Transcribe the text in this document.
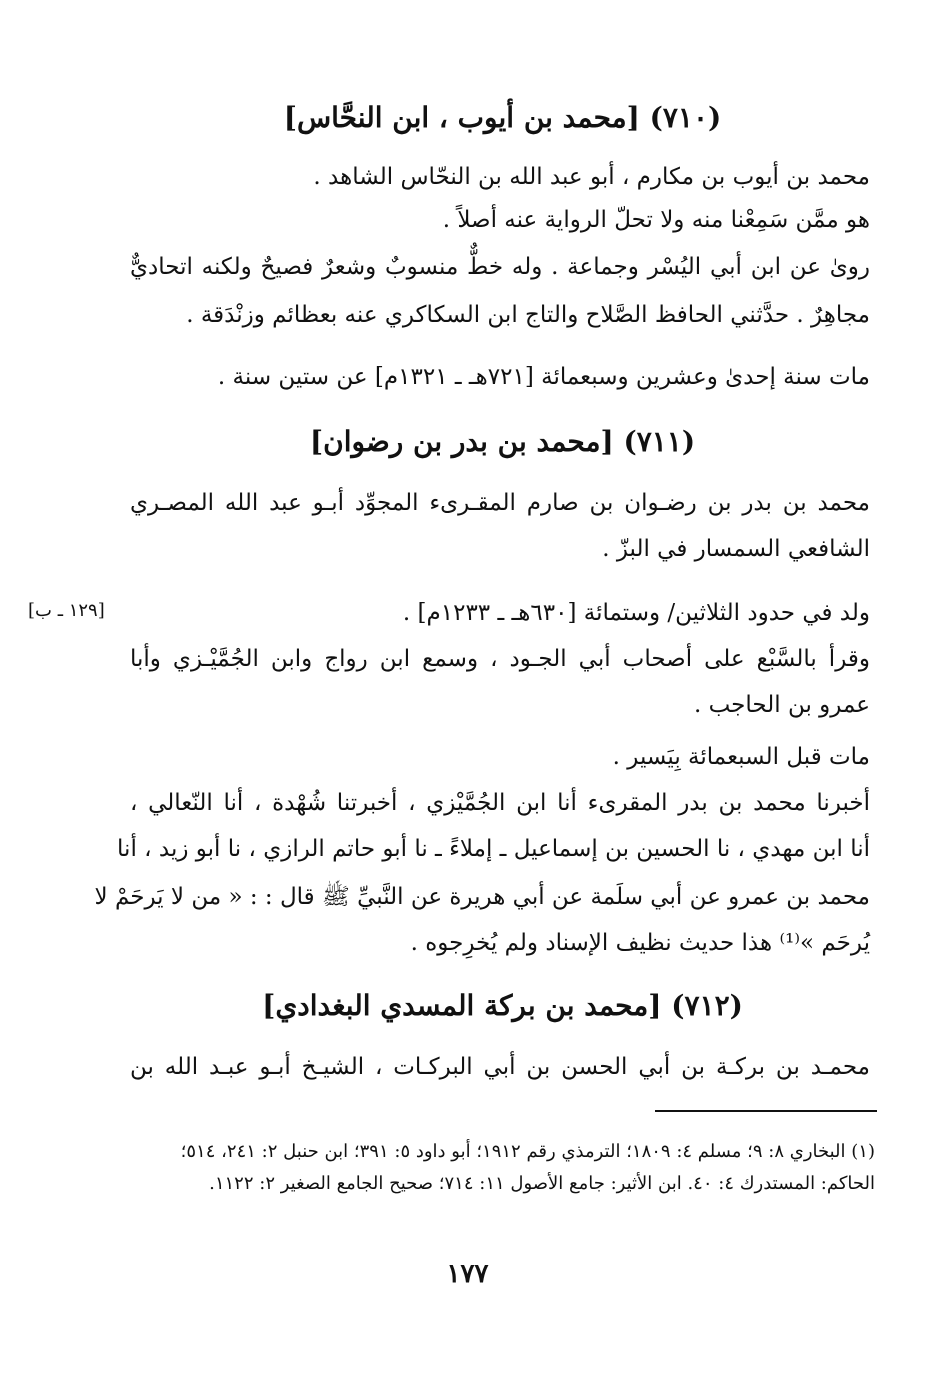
(٧١٠) [محمد بن أيوب ، ابن النحَّاس]
محمد بن أيوب بن مكارم ، أبو عبد الله بن النحّاس الشاهد .
هو ممَّن سَمِعْنا منه ولا تحلّ الرواية عنه أصلاً .
روىٰ عن ابن أبي اليُسْر وجماعة . وله خطٌّ منسوبٌ وشعرٌ فصيحٌ ولكنه اتحاديٌّ
مجاهِرٌ . حدَّثني الحافظ الصَّلاح والتاج ابن السكاكري عنه بعظائم وزنْدَقة .
مات سنة إحدىٰ وعشرين وسبعمائة [٧٢١هـ ـ ١٣٢١م] عن ستين سنة .
(٧١١) [محمد بن بدر بن رضوان]
محمد بن بدر بن رضـوان بن صارم المقـرىء المجوِّد أبـو عبد الله المصـري
الشافعي السمسار في البزّ .
[١٢٩ ـ ب]	ولد في حدود الثلاثين/ وستمائة [٦٣٠هـ ـ ١٢٣٣م] .
وقرأ بالسَّبْع على أصحاب أبي الجـود ، وسمع ابن رواج وابن الجُمَّيْـزي وأبا
عمرو بن الحاجب .
مات قبل السبعمائة بِيَسير .
أخبرنا محمد بن بدر المقرىء أنا ابن الجُمَّيْزي ، أخبرتنا شُهْدة ، أنا النّعالي ،
أنا ابن مهدي ، نا الحسين بن إسماعيل ـ إملاءً ـ نا أبو حاتم الرازي ، نا أبو زيد ، أنا
محمد بن عمرو عن أبي سلَمة عن أبي هريرة عن النَّبيِّ ﷺ قال : : « من لا يَرحَمْ لا
يُرحَم »⁽¹⁾ هذا حديث نظيف الإسناد ولم يُخرِجوه .
(٧١٢) [محمد بن بركة المسدي البغدادي]
محمـد بن بركـة بن أبي الحسن بن أبي البركـات ، الشيـخ أبـو عبـد الله بن
(١) البخاري ٨: ٩؛ مسلم ٤: ١٨٠٩؛ الترمذي رقم ١٩١٢؛ أبو داود ٥: ٣٩١؛ ابن حنبل ٢: ٢٤١، ٥١٤؛
الحاكم: المستدرك ٤: ٤٠. ابن الأثير: جامع الأصول ١١: ٧١٤؛ صحيح الجامع الصغير ٢: ١١٢٢.
١٧٧
